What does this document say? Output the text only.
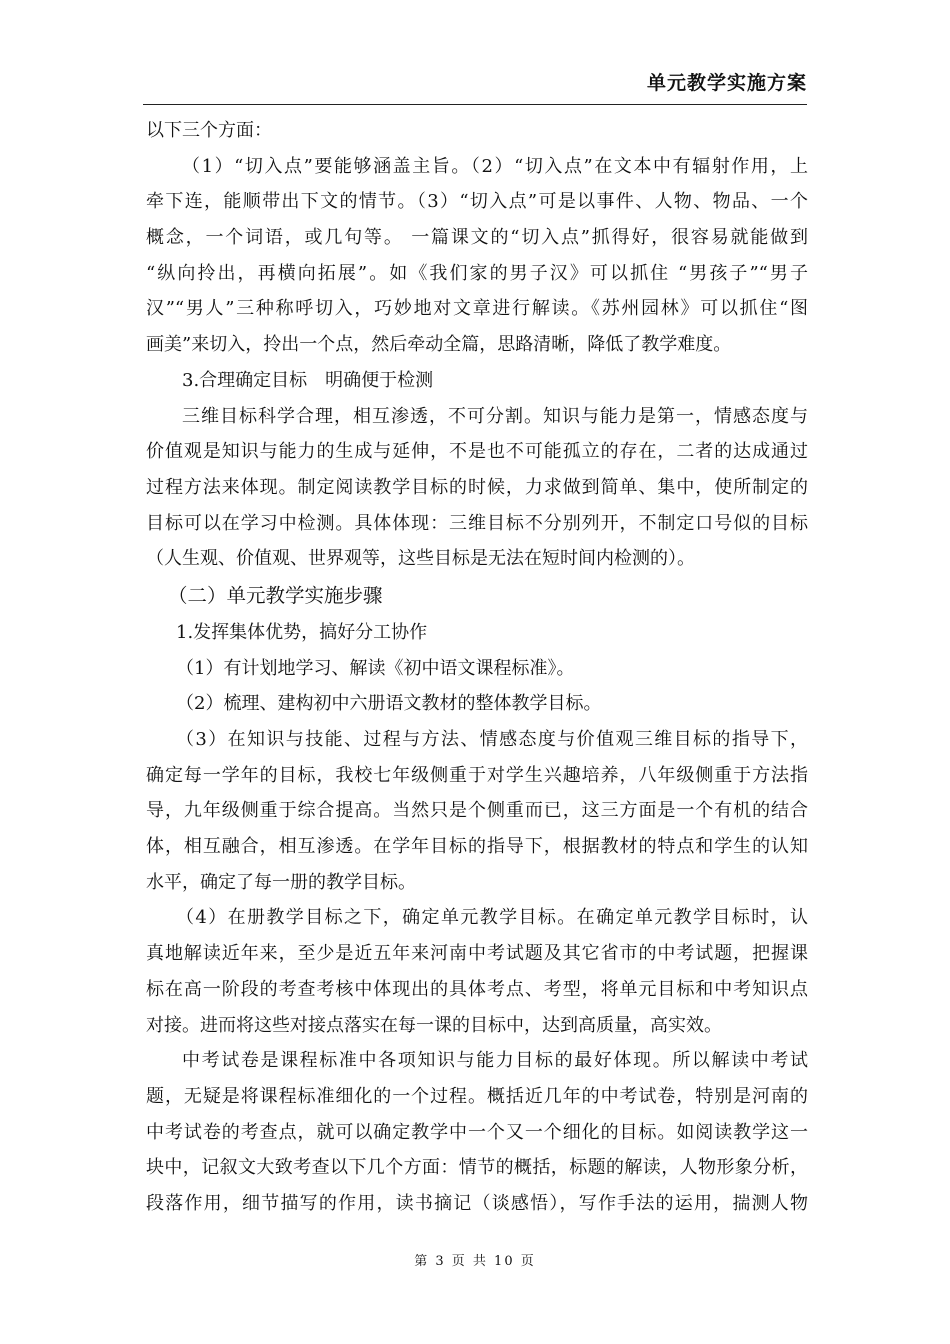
单元教学实施方案
以下三个方面：
（1）“切入点”要能够涵盖主旨。（2）“切入点”在文本中有辐射作用，上
牵下连，能顺带出下文的情节。（3）“切入点”可是以事件、人物、物品、一个
概念，一个词语，或几句等。 一篇课文的“切入点”抓得好，很容易就能做到
“纵向拎出，再横向拓展”。如《我们家的男子汉》可以抓住 “男孩子”“男子
汉”“男人”三种称呼切入，巧妙地对文章进行解读。《苏州园林》可以抓住“图
画美”来切入，拎出一个点，然后牵动全篇，思路清晰，降低了教学难度。
3.合理确定目标　明确便于检测
三维目标科学合理，相互渗透，不可分割。知识与能力是第一，情感态度与
价值观是知识与能力的生成与延伸，不是也不可能孤立的存在，二者的达成通过
过程方法来体现。制定阅读教学目标的时候，力求做到简单、集中，使所制定的
目标可以在学习中检测。具体体现：三维目标不分别列开，不制定口号似的目标
（人生观、价值观、世界观等，这些目标是无法在短时间内检测的）。
（二）单元教学实施步骤
1.发挥集体优势，搞好分工协作
（1）有计划地学习、解读《初中语文课程标准》。
（2）梳理、建构初中六册语文教材的整体教学目标。
（3）在知识与技能、过程与方法、情感态度与价值观三维目标的指导下，
确定每一学年的目标，我校七年级侧重于对学生兴趣培养，八年级侧重于方法指
导，九年级侧重于综合提高。当然只是个侧重而已，这三方面是一个有机的结合
体，相互融合，相互渗透。在学年目标的指导下，根据教材的特点和学生的认知
水平，确定了每一册的教学目标。
（4）在册教学目标之下，确定单元教学目标。在确定单元教学目标时，认
真地解读近年来，至少是近五年来河南中考试题及其它省市的中考试题，把握课
标在高一阶段的考查考核中体现出的具体考点、考型，将单元目标和中考知识点
对接。进而将这些对接点落实在每一课的目标中，达到高质量，高实效。
中考试卷是课程标准中各项知识与能力目标的最好体现。所以解读中考试
题，无疑是将课程标准细化的一个过程。概括近几年的中考试卷，特别是河南的
中考试卷的考查点，就可以确定教学中一个又一个细化的目标。如阅读教学这一
块中，记叙文大致考查以下几个方面：情节的概括，标题的解读，人物形象分析，
段落作用，细节描写的作用，读书摘记（谈感悟），写作手法的运用，揣测人物
第 3 页 共 10 页
